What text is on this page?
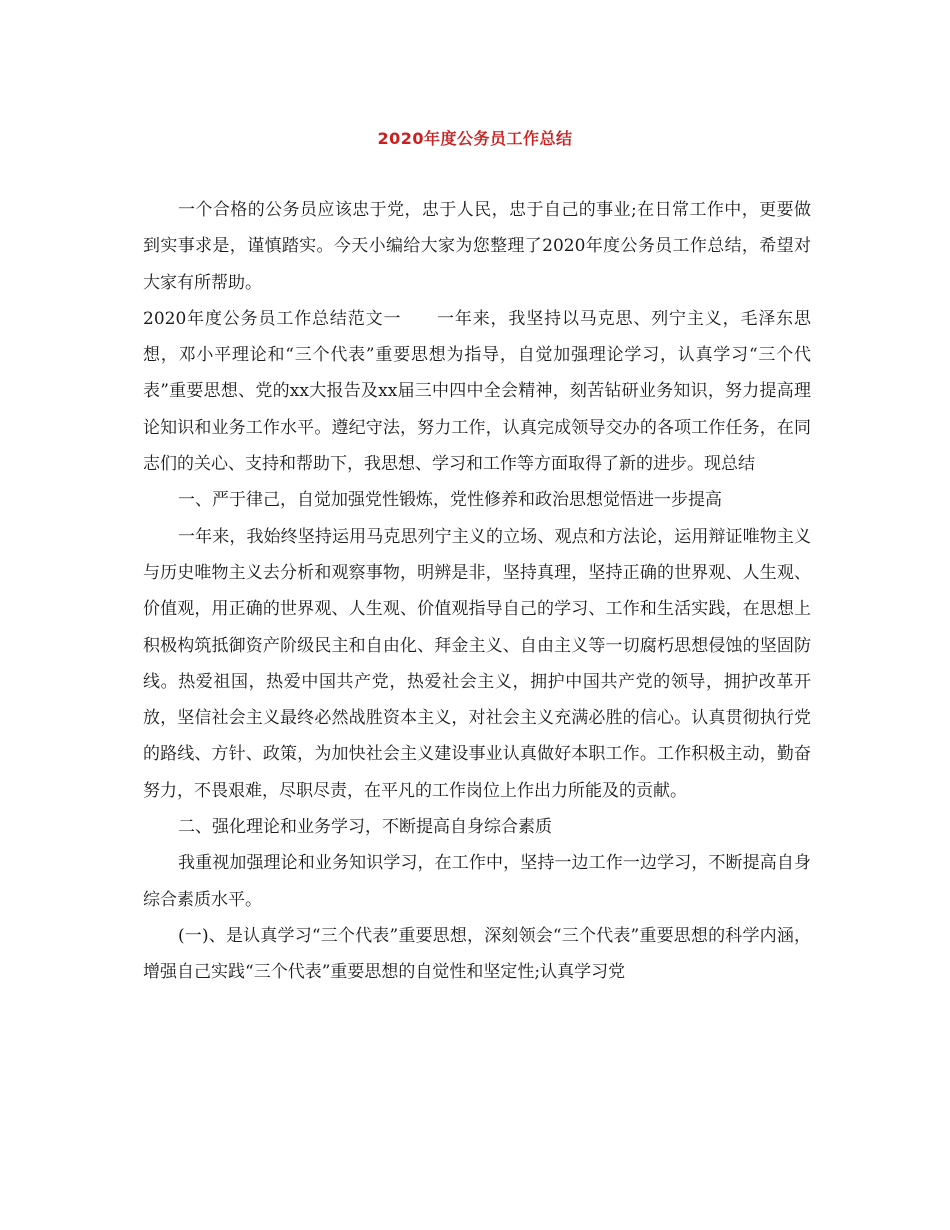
2020年度公务员工作总结

一个合格的公务员应该忠于党，忠于人民，忠于自己的事业;在日常工作中，更要做到实事求是，谨慎踏实。今天小编给大家为您整理了2020年度公务员工作总结，希望对大家有所帮助。

2020年度公务员工作总结范文一　　一年来，我坚持以马克思、列宁主义，毛泽东思想，邓小平理论和“三个代表”重要思想为指导，自觉加强理论学习，认真学习“三个代表”重要思想、党的xx大报告及xx届三中四中全会精神，刻苦钻研业务知识，努力提高理论知识和业务工作水平。遵纪守法，努力工作，认真完成领导交办的各项工作任务，在同志们的关心、支持和帮助下，我思想、学习和工作等方面取得了新的进步。现总结

一、严于律己，自觉加强党性锻炼，党性修养和政治思想觉悟进一步提高

一年来，我始终坚持运用马克思列宁主义的立场、观点和方法论，运用辩证唯物主义与历史唯物主义去分析和观察事物，明辨是非，坚持真理，坚持正确的世界观、人生观、价值观，用正确的世界观、人生观、价值观指导自己的学习、工作和生活实践，在思想上积极构筑抵御资产阶级民主和自由化、拜金主义、自由主义等一切腐朽思想侵蚀的坚固防线。热爱祖国，热爱中国共产党，热爱社会主义，拥护中国共产党的领导，拥护改革开放，坚信社会主义最终必然战胜资本主义，对社会主义充满必胜的信心。认真贯彻执行党的路线、方针、政策，为加快社会主义建设事业认真做好本职工作。工作积极主动，勤奋努力，不畏艰难，尽职尽责，在平凡的工作岗位上作出力所能及的贡献。

二、强化理论和业务学习，不断提高自身综合素质

我重视加强理论和业务知识学习，在工作中，坚持一边工作一边学习，不断提高自身综合素质水平。

(一)、是认真学习“三个代表”重要思想，深刻领会“三个代表”重要思想的科学内涵，增强自己实践“三个代表”重要思想的自觉性和坚定性;认真学习党
